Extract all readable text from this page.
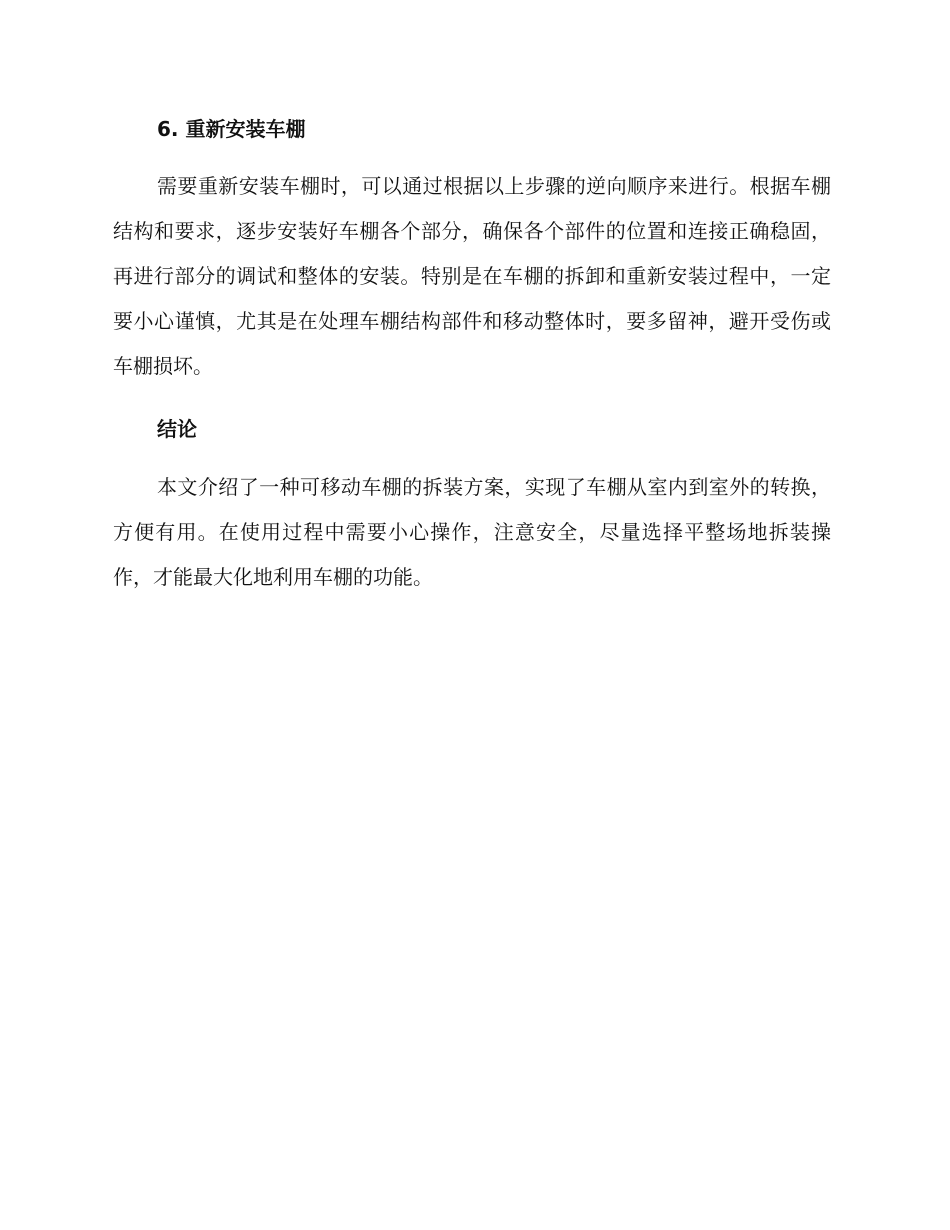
6. 重新安装车棚

需要重新安装车棚时，可以通过根据以上步骤的逆向顺序来进行。根据车棚结构和要求，逐步安装好车棚各个部分，确保各个部件的位置和连接正确稳固，再进行部分的调试和整体的安装。特别是在车棚的拆卸和重新安装过程中，一定要小心谨慎，尤其是在处理车棚结构部件和移动整体时，要多留神，避开受伤或车棚损坏。

结论

本文介绍了一种可移动车棚的拆装方案，实现了车棚从室内到室外的转换，方便有用。在使用过程中需要小心操作，注意安全，尽量选择平整场地拆装操作，才能最大化地利用车棚的功能。
